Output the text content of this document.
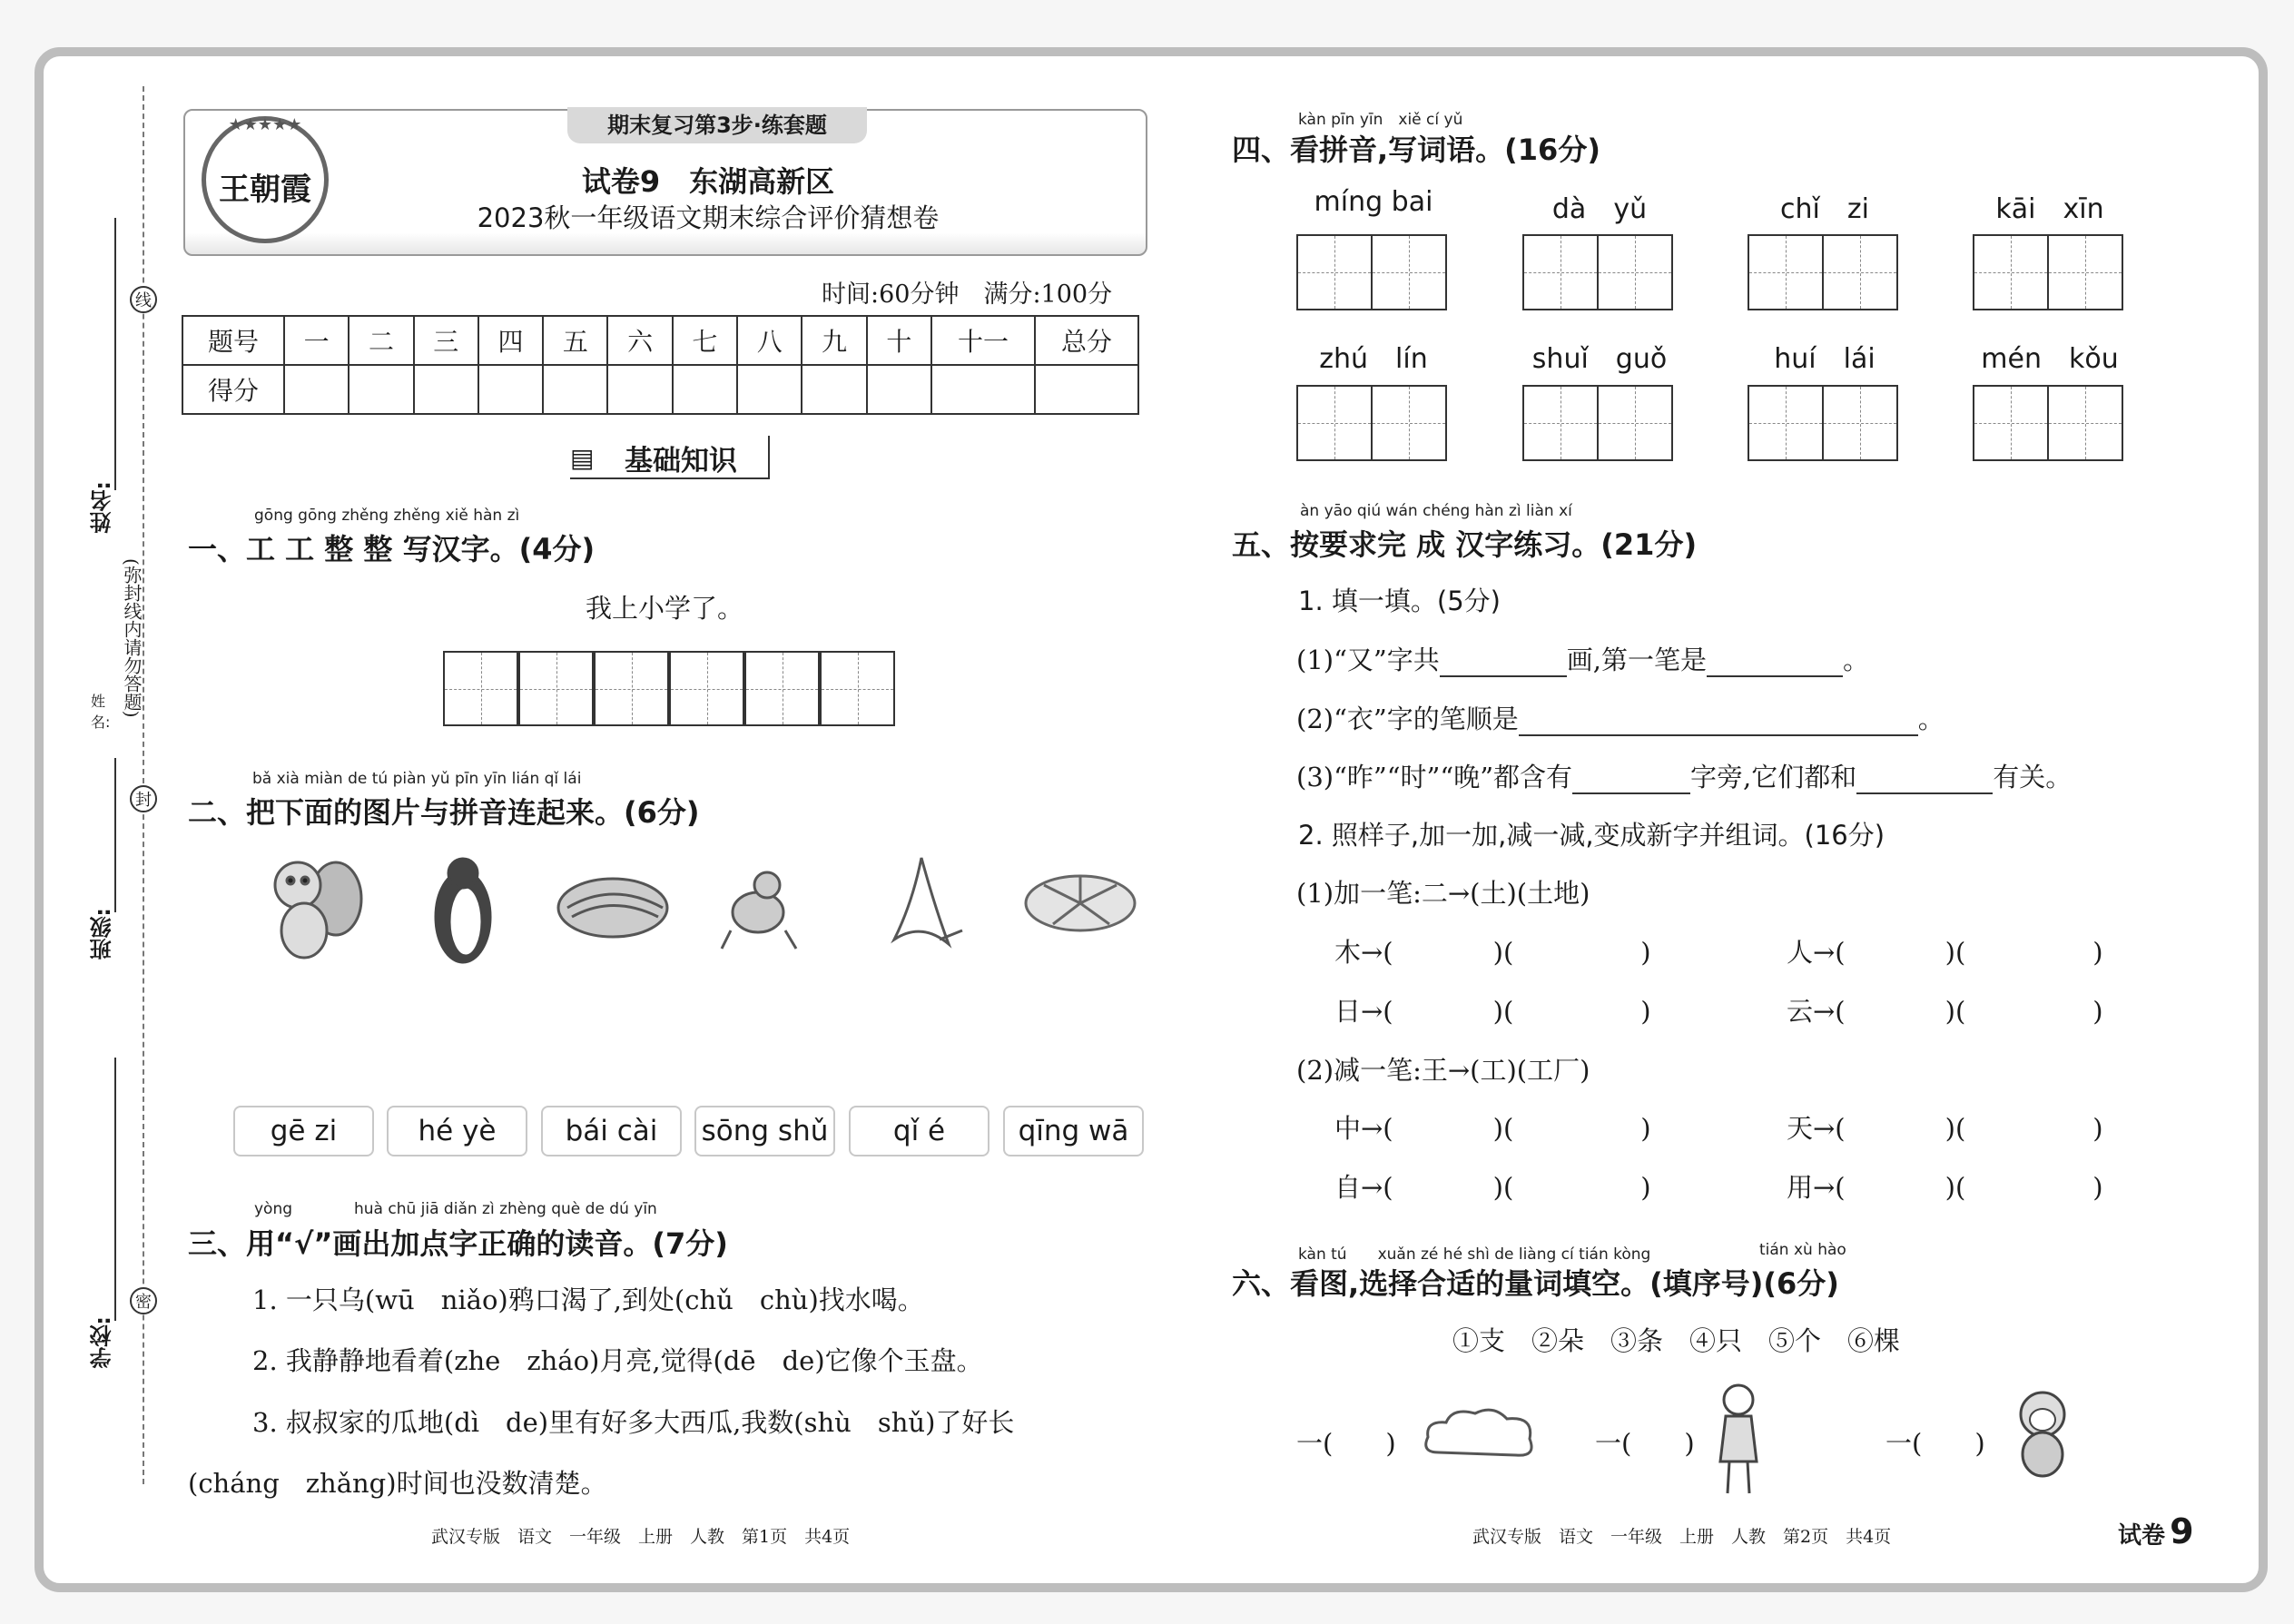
线
封
密
(弥封线内请勿答题)
姓名:
姓名:
班级:
学校:
期末复习第3步·练套题
★★★★★
王朝霞	试卷9　东湖高新区
2023秋一年级语文期末综合评价猜想卷
时间:60分钟　满分:100分
题号	一	二	三	四	五	六	七	八	九	十	十一	总分
得分												
▤ 基础知识
gōng gōng zhěng zhěng xiě hàn zì
一、工 工 整 整 写汉字。(4分)
我上小学了。
bǎ xià miàn de tú piàn yǔ pīn yīn lián qǐ lái
二、把下面的图片与拼音连起来。(6分)
gē zi	hé yè	bái cài	sōng shǔ	qǐ é	qīng wā
yòng	huà chū jiā diǎn zì zhèng què de dú yīn
三、用“√”画出加点字正确的读音。(7分)
1. 一只乌(wū　niǎo)鸦口渴了,到处(chǔ　chù)找水喝。
2. 我静静地看着(zhe　zháo)月亮,觉得(dē　de)它像个玉盘。
3. 叔叔家的瓜地(dì　de)里有好多大西瓜,我数(shù　shǔ)了好长
(cháng　zhǎng)时间也没数清楚。
武汉专版　语文　一年级　上册　人教　第1页　共4页
kàn pīn yīn　xiě cí yǔ
四、看拼音,写词语。(16分)
míng bai	dà　yǔ	chǐ　zi	kāi　xīn
zhú　lín	shuǐ　guǒ	huí　lái	mén　kǒu
àn yāo qiú wán chéng hàn zì liàn xí
五、按要求完 成 汉字练习。(21分)
1. 填一填。(5分)
(1)“又”字共	画,第一笔是	。
(2)“衣”字的笔顺是	。
(3)“昨”“时”“晚”都含有	字旁,它们都和	有关。
2. 照样子,加一加,减一减,变成新字并组词。(16分)
(1)加一笔:二→(土)(土地)
木→(	)(	)	人→(	)(	)
日→(	)(	)	云→(	)(	)
(2)减一笔:王→(工)(工厂)
中→(	)(	)	天→(	)(	)
自→(	)(	)	用→(	)(	)
kàn tú　　xuǎn zé hé shì de liàng cí tián kòng	tián xù hào
六、看图,选择合适的量词填空。(填序号)(6分)
①支　②朵　③条　④只　⑤个　⑥棵
一(　　)	一(　　)	一(　　)
武汉专版　语文　一年级　上册　人教　第2页　共4页	试卷 9
